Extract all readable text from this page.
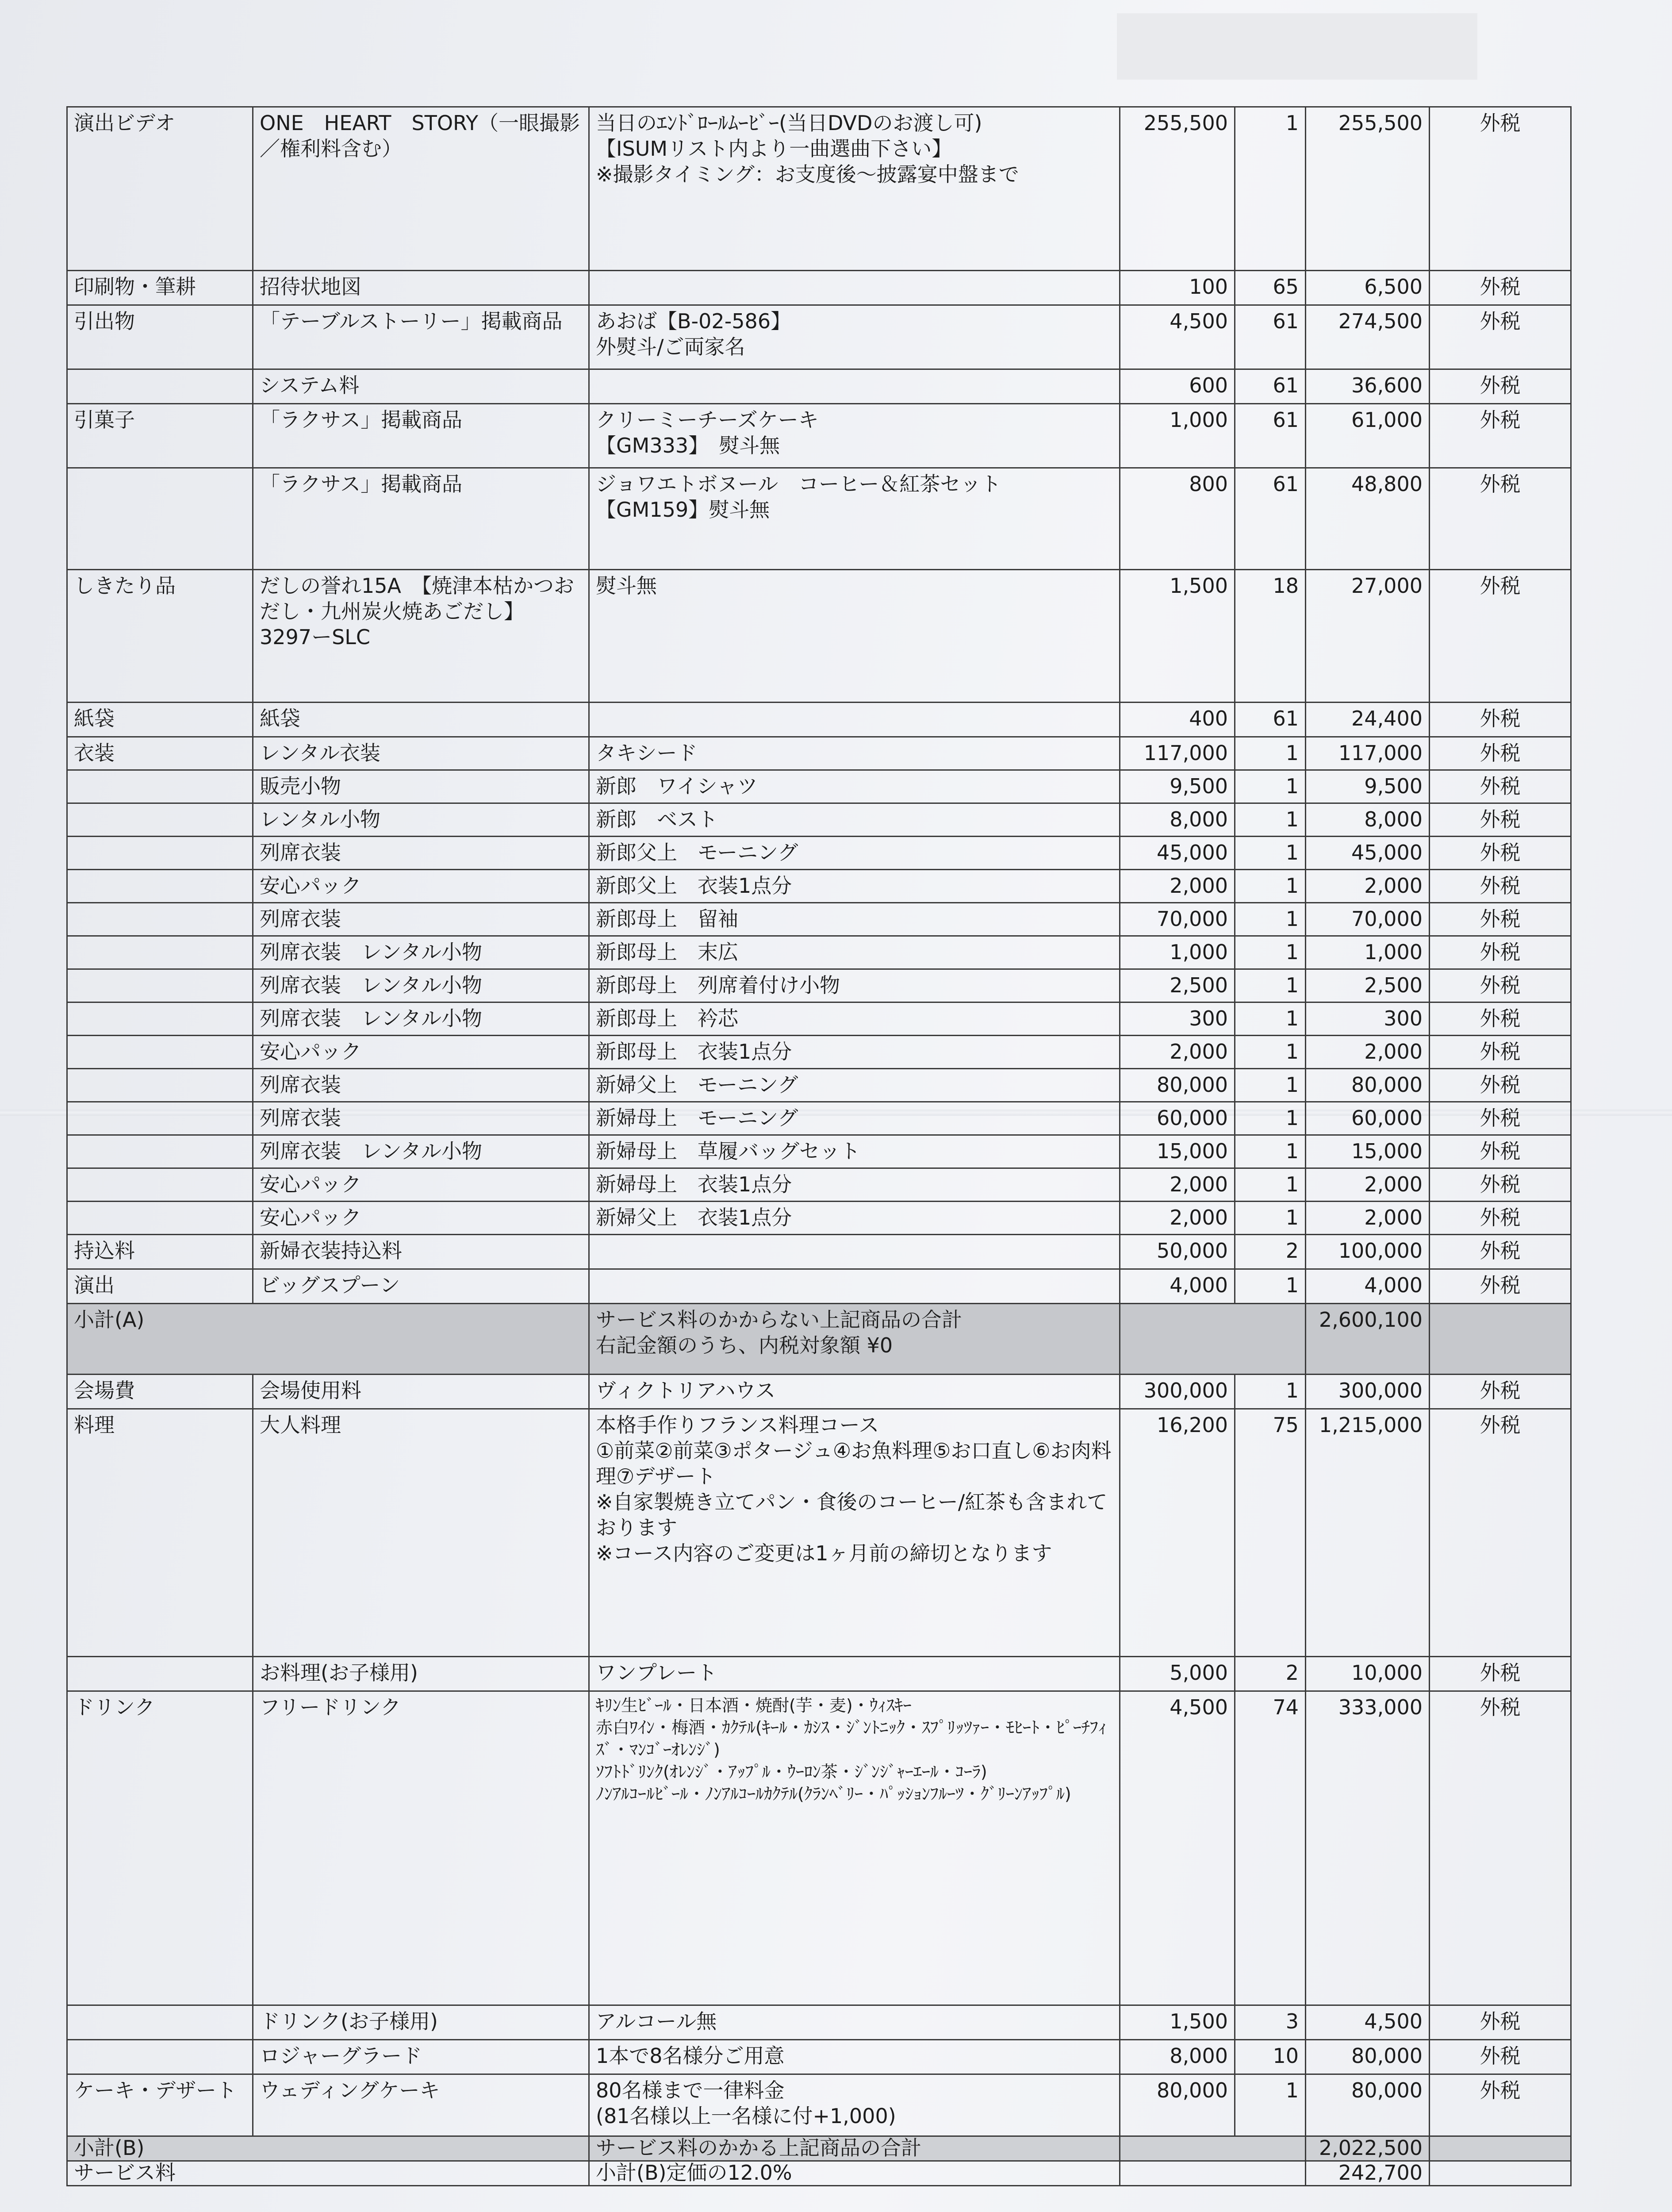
演出ビデオ	ONE　HEART　STORY（一眼撮影／権利料含む）	当日のｴﾝﾄﾞﾛｰﾙﾑｰﾋﾞｰ(当日DVDのお渡し可)
【ISUMリスト内より一曲選曲下さい】
※撮影タイミング：お支度後～披露宴中盤まで	255,500	1	255,500	外税
印刷物・筆耕	招待状地図		100	65	6,500	外税
引出物	「テーブルストーリー」掲載商品	あおば【B-02-586】
外熨斗/ご両家名	4,500	61	274,500	外税
	システム料		600	61	36,600	外税
引菓子	「ラクサス」掲載商品	クリーミーチーズケーキ
【GM333】　熨斗無	1,000	61	61,000	外税
	「ラクサス」掲載商品	ジョワエトボヌール　コーヒー＆紅茶セット
【GM159】熨斗無	800	61	48,800	外税
しきたり品	だしの誉れ15A　【焼津本枯かつおだし・九州炭火焼あごだし】　3297ーSLC	熨斗無	1,500	18	27,000	外税
紙袋	紙袋		400	61	24,400	外税
衣装	レンタル衣装	タキシード	117,000	1	117,000	外税
	販売小物	新郎　ワイシャツ	9,500	1	9,500	外税
	レンタル小物	新郎　ベスト	8,000	1	8,000	外税
	列席衣装	新郎父上　モーニング	45,000	1	45,000	外税
	安心パック	新郎父上　衣装1点分	2,000	1	2,000	外税
	列席衣装	新郎母上　留袖	70,000	1	70,000	外税
	列席衣装　レンタル小物	新郎母上　末広	1,000	1	1,000	外税
	列席衣装　レンタル小物	新郎母上　列席着付け小物	2,500	1	2,500	外税
	列席衣装　レンタル小物	新郎母上　衿芯	300	1	300	外税
	安心パック	新郎母上　衣装1点分	2,000	1	2,000	外税
	列席衣装	新婦父上　モーニング	80,000	1	80,000	外税
	列席衣装	新婦母上　モーニング	60,000	1	60,000	外税
	列席衣装　レンタル小物	新婦母上　草履バッグセット	15,000	1	15,000	外税
	安心パック	新婦母上　衣装1点分	2,000	1	2,000	外税
	安心パック	新婦父上　衣装1点分	2,000	1	2,000	外税
持込料	新婦衣装持込料		50,000	2	100,000	外税
演出	ビッグスプーン		4,000	1	4,000	外税
小計(A)		サービス料のかからない上記商品の合計
右記金額のうち、内税対象額 ¥0			2,600,100	
会場費	会場使用料	ヴィクトリアハウス	300,000	1	300,000	外税
料理	大人料理	本格手作りフランス料理コース
①前菜②前菜③ポタージュ④お魚料理⑤お口直し⑥お肉料理⑦デザート
※自家製焼き立てパン・食後のコーヒー/紅茶も含まれております
※コース内容のご変更は1ヶ月前の締切となります	16,200	75	1,215,000	外税
	お料理(お子様用)	ワンプレート	5,000	2	10,000	外税
ドリンク	フリードリンク	ｷﾘﾝ生ﾋﾞｰﾙ・日本酒・焼酎(芋・麦)・ｳｨｽｷｰ
赤白ﾜｲﾝ・梅酒・ｶｸﾃﾙ(ｷｰﾙ・ｶｼｽ・ｼﾞﾝﾄﾆｯｸ・ｽﾌﾟﾘｯﾂｧｰ・ﾓﾋｰﾄ・ﾋﾟｰﾁﾌｨｽﾞ・ﾏﾝｺﾞｰｵﾚﾝｼﾞ)
ｿﾌﾄﾄﾞﾘﾝｸ(ｵﾚﾝｼﾞ・ｱｯﾌﾟﾙ・ｳｰﾛﾝ茶・ｼﾞﾝｼﾞｬｰｴｰﾙ・ｺｰﾗ)
ﾉﾝｱﾙｺｰﾙﾋﾞｰﾙ・ﾉﾝｱﾙｺｰﾙｶｸﾃﾙ(ｸﾗﾝﾍﾞﾘｰ・ﾊﾟｯｼｮﾝﾌﾙｰﾂ・ｸﾞﾘｰﾝｱｯﾌﾟﾙ)	4,500	74	333,000	外税
	ドリンク(お子様用)	アルコール無	1,500	3	4,500	外税
	ロジャーグラード	1本で8名様分ご用意	8,000	10	80,000	外税
ケーキ・デザート	ウェディングケーキ	80名様まで一律料金
(81名様以上一名様に付+1,000)	80,000	1	80,000	外税
小計(B)		サービス料のかかる上記商品の合計			2,022,500	
サービス料		小計(B)定価の12.0%			242,700	
